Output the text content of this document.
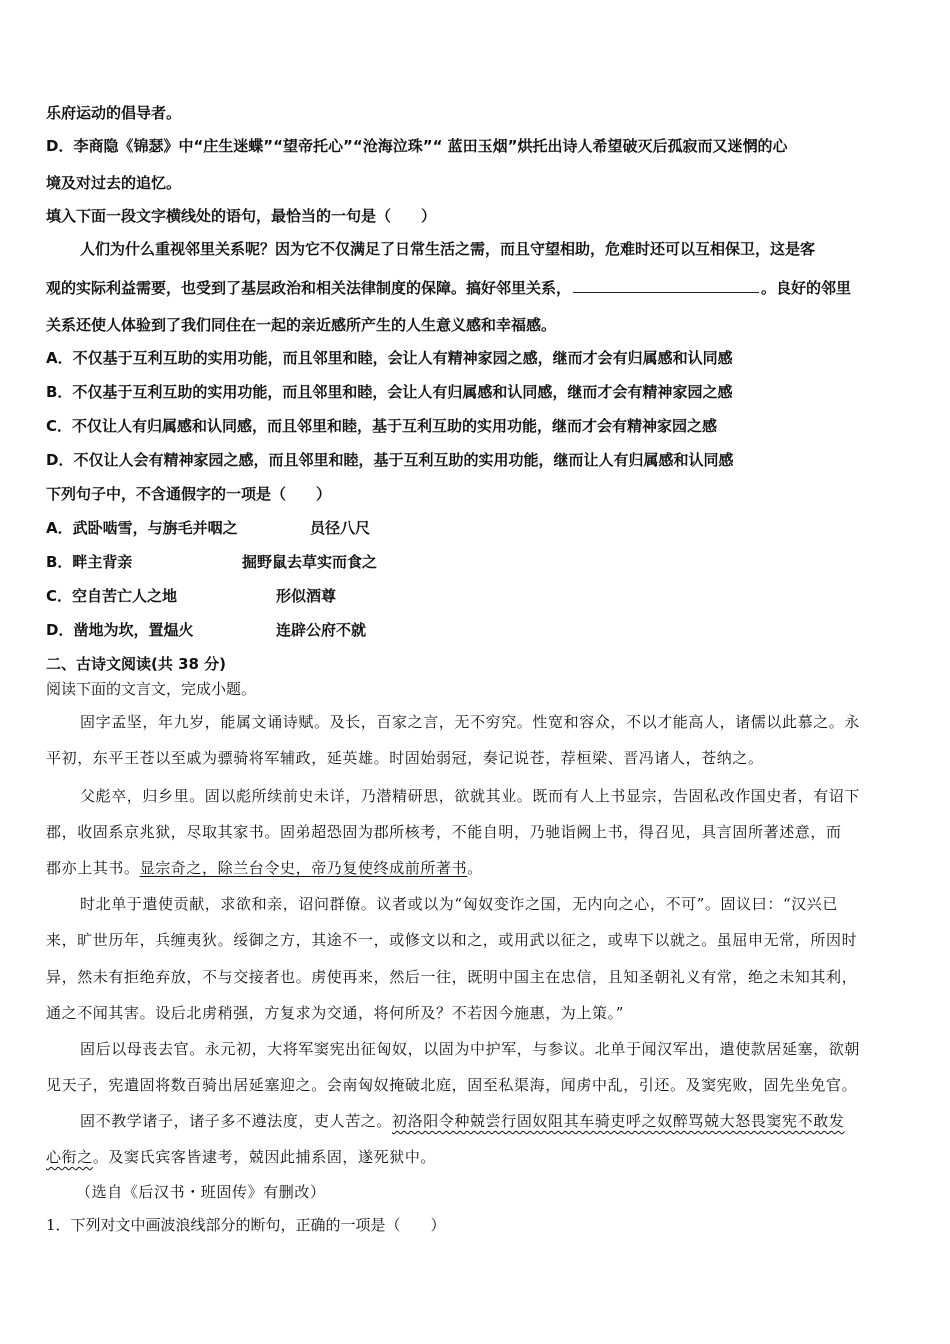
乐府运动的倡导者。
D．李商隐《锦瑟》中“庄生迷蝶”“望帝托心”“沧海泣珠”“ 蓝田玉烟”烘托出诗人希望破灭后孤寂而又迷惘的心
境及对过去的追忆。
填入下面一段文字横线处的语句，最恰当的一句是（　　）
人们为什么重视邻里关系呢？因为它不仅满足了日常生活之需，而且守望相助，危难时还可以互相保卫，这是客
观的实际利益需要，也受到了基层政治和相关法律制度的保障。搞好邻里关系，	。良好的邻里
关系还使人体验到了我们同住在一起的亲近感所产生的人生意义感和幸福感。
A．不仅基于互利互助的实用功能，而且邻里和睦，会让人有精神家园之感，继而才会有归属感和认同感
B．不仅基于互利互助的实用功能，而且邻里和睦，会让人有归属感和认同感，继而才会有精神家园之感
C．不仅让人有归属感和认同感，而且邻里和睦，基于互利互助的实用功能，继而才会有精神家园之感
D．不仅让人会有精神家园之感，而且邻里和睦，基于互利互助的实用功能，继而让人有归属感和认同感
下列句子中，不含通假字的一项是（　　）
A．武卧啮雪，与旃毛并咽之	员径八尺
B．畔主背亲	掘野鼠去草实而食之
C．空自苦亡人之地	形似酒尊
D．凿地为坎，置煴火	连辟公府不就
二、古诗文阅读(共 38 分)
阅读下面的文言文，完成小题。
固字孟坚，年九岁，能属文诵诗赋。及长，百家之言，无不穷究。性宽和容众，不以才能高人，诸儒以此慕之。永
平初，东平王苍以至戚为骠骑将军辅政，延英雄。时固始弱冠，奏记说苍，荐桓梁、晋冯诸人，苍纳之。
父彪卒，归乡里。固以彪所续前史未详，乃潜精研思，欲就其业。既而有人上书显宗，告固私改作国史者，有诏下
郡，收固系京兆狱，尽取其家书。固弟超恐固为郡所核考，不能自明，乃驰诣阙上书，得召见，具言固所著述意，而
郡亦上其书。显宗奇之，除兰台令史，帝乃复使终成前所著书。
时北单于遣使贡献，求欲和亲，诏问群僚。议者或以为“匈奴变诈之国，无内向之心，不可”。固议曰：“汉兴已
来，旷世历年，兵缠夷狄。绥御之方，其途不一，或修文以和之，或用武以征之，或卑下以就之。虽屈申无常，所因时
异，然未有拒绝弃放，不与交接者也。虏使再来，然后一往，既明中国主在忠信，且知圣朝礼义有常，绝之未知其利，
通之不闻其害。设后北虏稍强，方复求为交通，将何所及？不若因今施惠，为上策。”
固后以母丧去官。永元初，大将军窦宪出征匈奴，以固为中护军，与参议。北单于闻汉军出，遣使款居延塞，欲朝
见天子，宪遣固将数百骑出居延塞迎之。会南匈奴掩破北庭，固至私渠海，闻虏中乱，引还。及窦宪败，固先坐免官。
固不教学诸子，诸子多不遵法度，吏人苦之。初洛阳令种兢尝行固奴阻其车骑吏呼之奴醉骂兢大怒畏窦宪不敢发
心衔之。及窦氏宾客皆逮考，兢因此捕系固，遂死狱中。
（选自《后汉书・班固传》有删改）
1．下列对文中画波浪线部分的断句，正确的一项是（　　）
